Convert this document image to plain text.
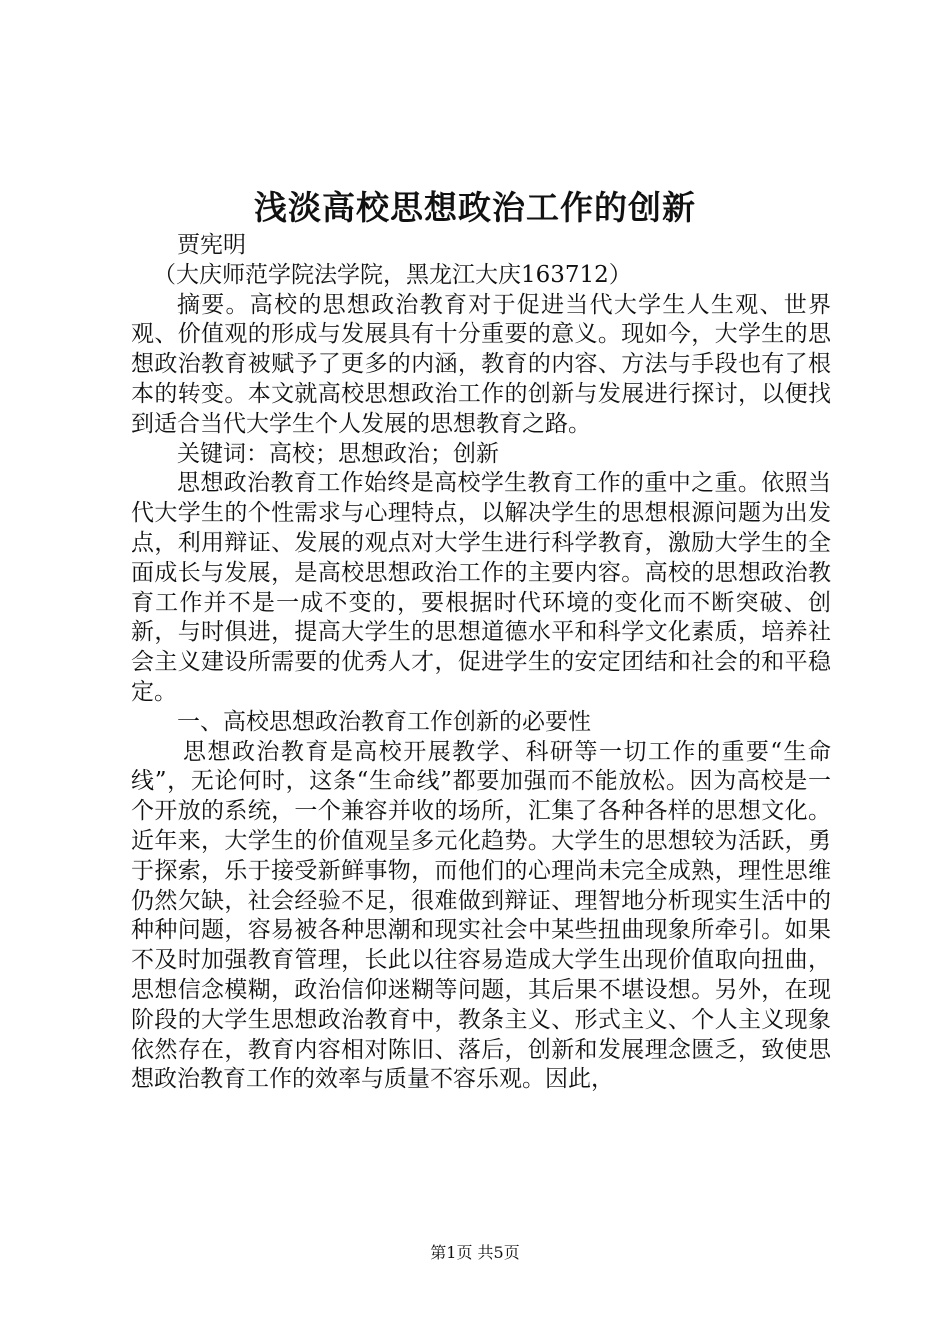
浅淡高校思想政治工作的创新

贾宪明

（大庆师范学院法学院，黑龙江大庆163712）

摘要。高校的思想政治教育对于促进当代大学生人生观、世界观、价值观的形成与发展具有十分重要的意义。现如今，大学生的思想政治教育被赋予了更多的内涵，教育的内容、方法与手段也有了根本的转变。本文就高校思想政治工作的创新与发展进行探讨，以便找到适合当代大学生个人发展的思想教育之路。

关键词：高校；思想政治；创新

思想政治教育工作始终是高校学生教育工作的重中之重。依照当代大学生的个性需求与心理特点，以解决学生的思想根源问题为出发点，利用辩证、发展的观点对大学生进行科学教育，激励大学生的全面成长与发展，是高校思想政治工作的主要内容。高校的思想政治教育工作并不是一成不变的，要根据时代环境的变化而不断突破、创新，与时俱进，提高大学生的思想道德水平和科学文化素质，培养社会主义建设所需要的优秀人才，促进学生的安定团结和社会的和平稳定。

一、高校思想政治教育工作创新的必要性

思想政治教育是高校开展教学、科研等一切工作的重要“生命线”，无论何时，这条“生命线”都要加强而不能放松。因为高校是一个开放的系统，一个兼容并收的场所，汇集了各种各样的思想文化。近年来，大学生的价值观呈多元化趋势。大学生的思想较为活跃，勇于探索，乐于接受新鲜事物，而他们的心理尚未完全成熟，理性思维仍然欠缺，社会经验不足，很难做到辩证、理智地分析现实生活中的种种问题，容易被各种思潮和现实社会中某些扭曲现象所牵引。如果不及时加强教育管理，长此以往容易造成大学生出现价值取向扭曲，思想信念模糊，政治信仰迷糊等问题，其后果不堪设想。另外，在现阶段的大学生思想政治教育中，教条主义、形式主义、个人主义现象依然存在，教育内容相对陈旧、落后，创新和发展理念匮乏，致使思想政治教育工作的效率与质量不容乐观。因此，

第1页 共5页
